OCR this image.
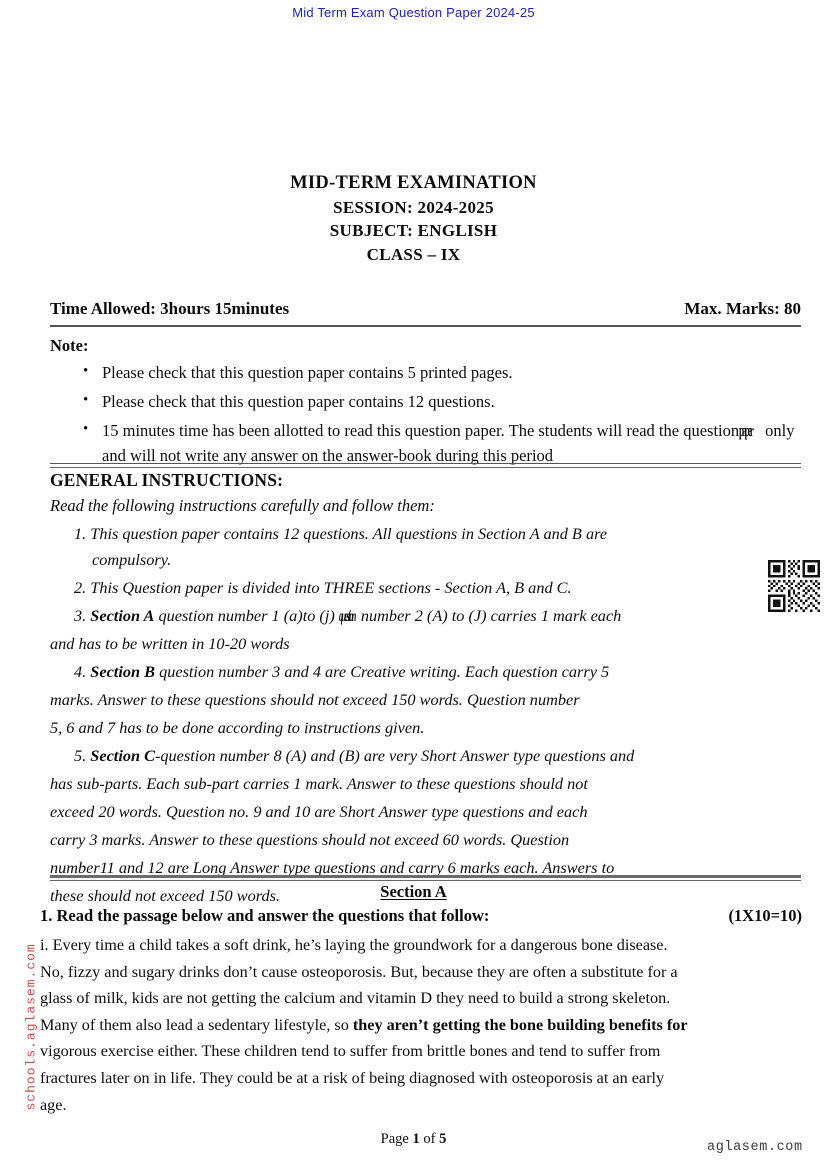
Mid Term Exam Question Paper 2024-25
MID-TERM EXAMINATION
SESSION: 2024-2025
SUBJECT: ENGLISH
CLASS – IX
Time Allowed: 3hours 15minutes	Max. Marks: 80
Note:
• Please check that this question paper contains 5 printed pages.
• Please check that this question paper contains 12 questions.
• 15 minutes time has been allotted to read this question paper. The students will read the questionpaper only and will not write any answer on the answer-book during this period
GENERAL INSTRUCTIONS:
Read the following instructions carefully and follow them:
1. This question paper contains 12 questions. All questions in Section A and B are
compulsory.
2. This Question paper is divided into THREE sections - Section A, B and C.
3. Section A question number 1 (a)to (j) question number 2 (A) to (J) carries 1 mark each
and has to be written in 10-20 words
4. Section B question number 3 and 4 are Creative writing. Each question carry 5
marks. Answer to these questions should not exceed 150 words. Question number
5, 6 and 7 has to be done according to instructions given.
5. Section C-question number 8 (A) and (B) are very Short Answer type questions and
has sub-parts. Each sub-part carries 1 mark. Answer to these questions should not
exceed 20 words. Question no. 9 and 10 are Short Answer type questions and each
carry 3 marks. Answer to these questions should not exceed 60 words. Question
number11 and 12 are Long Answer type questions and carry 6 marks each. Answers to
these should not exceed 150 words.	Section A
1. Read the passage below and answer the questions that follow:	(1X10=10)
i. Every time a child takes a soft drink, he’s laying the groundwork for a dangerous bone disease.
No, fizzy and sugary drinks don’t cause osteoporosis. But, because they are often a substitute for a
glass of milk, kids are not getting the calcium and vitamin D they need to build a strong skeleton.
Many of them also lead a sedentary lifestyle, so they aren’t getting the bone building benefits for
vigorous exercise either. These children tend to suffer from brittle bones and tend to suffer from
fractures later on in life. They could be at a risk of being diagnosed with osteoporosis at an early
age.
Page 1 of 5
schools.aglasem.com
aglasem.com
